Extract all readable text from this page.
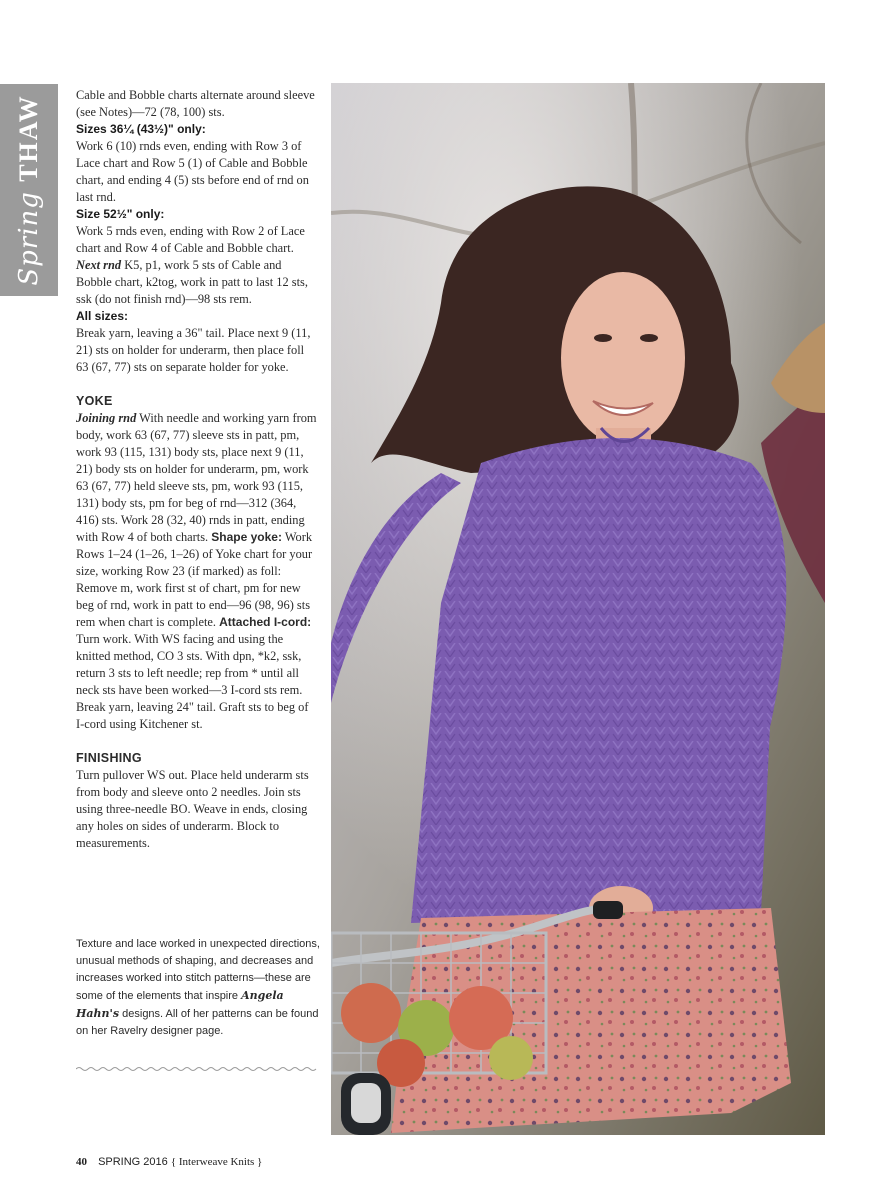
Spring THAW	Cable and Bobble charts alternate around sleeve (see Notes)—72 (78, 100) sts.

Sizes 36¼ (43½)" only:

Work 6 (10) rnds even, ending with Row 3 of Lace chart and Row 5 (1) of Cable and Bobble chart, and ending 4 (5) sts before end of rnd on last rnd.

Size 52½" only:

Work 5 rnds even, ending with Row 2 of Lace chart and Row 4 of Cable and Bobble chart. Next rnd K5, p1, work 5 sts of Cable and Bobble chart, k2tog, work in patt to last 12 sts, ssk (do not finish rnd)—98 sts rem.

All sizes:

Break yarn, leaving a 36" tail. Place next 9 (11, 21) sts on holder for underarm, then place foll 63 (67, 77) sts on separate holder for yoke.

YOKE

Joining rnd With needle and working yarn from body, work 63 (67, 77) sleeve sts in patt, pm, work 93 (115, 131) body sts, place next 9 (11, 21) body sts on holder for underarm, pm, work 63 (67, 77) held sleeve sts, pm, work 93 (115, 131) body sts, pm for beg of rnd—312 (364, 416) sts. Work 28 (32, 40) rnds in patt, ending with Row 4 of both charts. Shape yoke: Work Rows 1–24 (1–26, 1–26) of Yoke chart for your size, working Row 23 (if marked) as foll: Remove m, work first st of chart, pm for new beg of rnd, work in patt to end—96 (98, 96) sts rem when chart is complete. Attached I-cord: Turn work. With WS facing and using the knitted method, CO 3 sts. With dpn, *k2, ssk, return 3 sts to left needle; rep from * until all neck sts have been worked—3 I-cord sts rem. Break yarn, leaving 24" tail. Graft sts to beg of I-cord using Kitchener st.

FINISHING

Turn pullover WS out. Place held underarm sts from body and sleeve onto 2 needles. Join sts using three-needle BO. Weave in ends, closing any holes on sides of underarm. Block to measurements.

Texture and lace worked in unexpected directions, unusual methods of shaping, and decreases and increases worked into stitch patterns—these are some of the elements that inspire Angela Hahn's designs. All of her patterns can be found on her Ravelry designer page.
40 SPRING 2016 { Interweave Knits }
